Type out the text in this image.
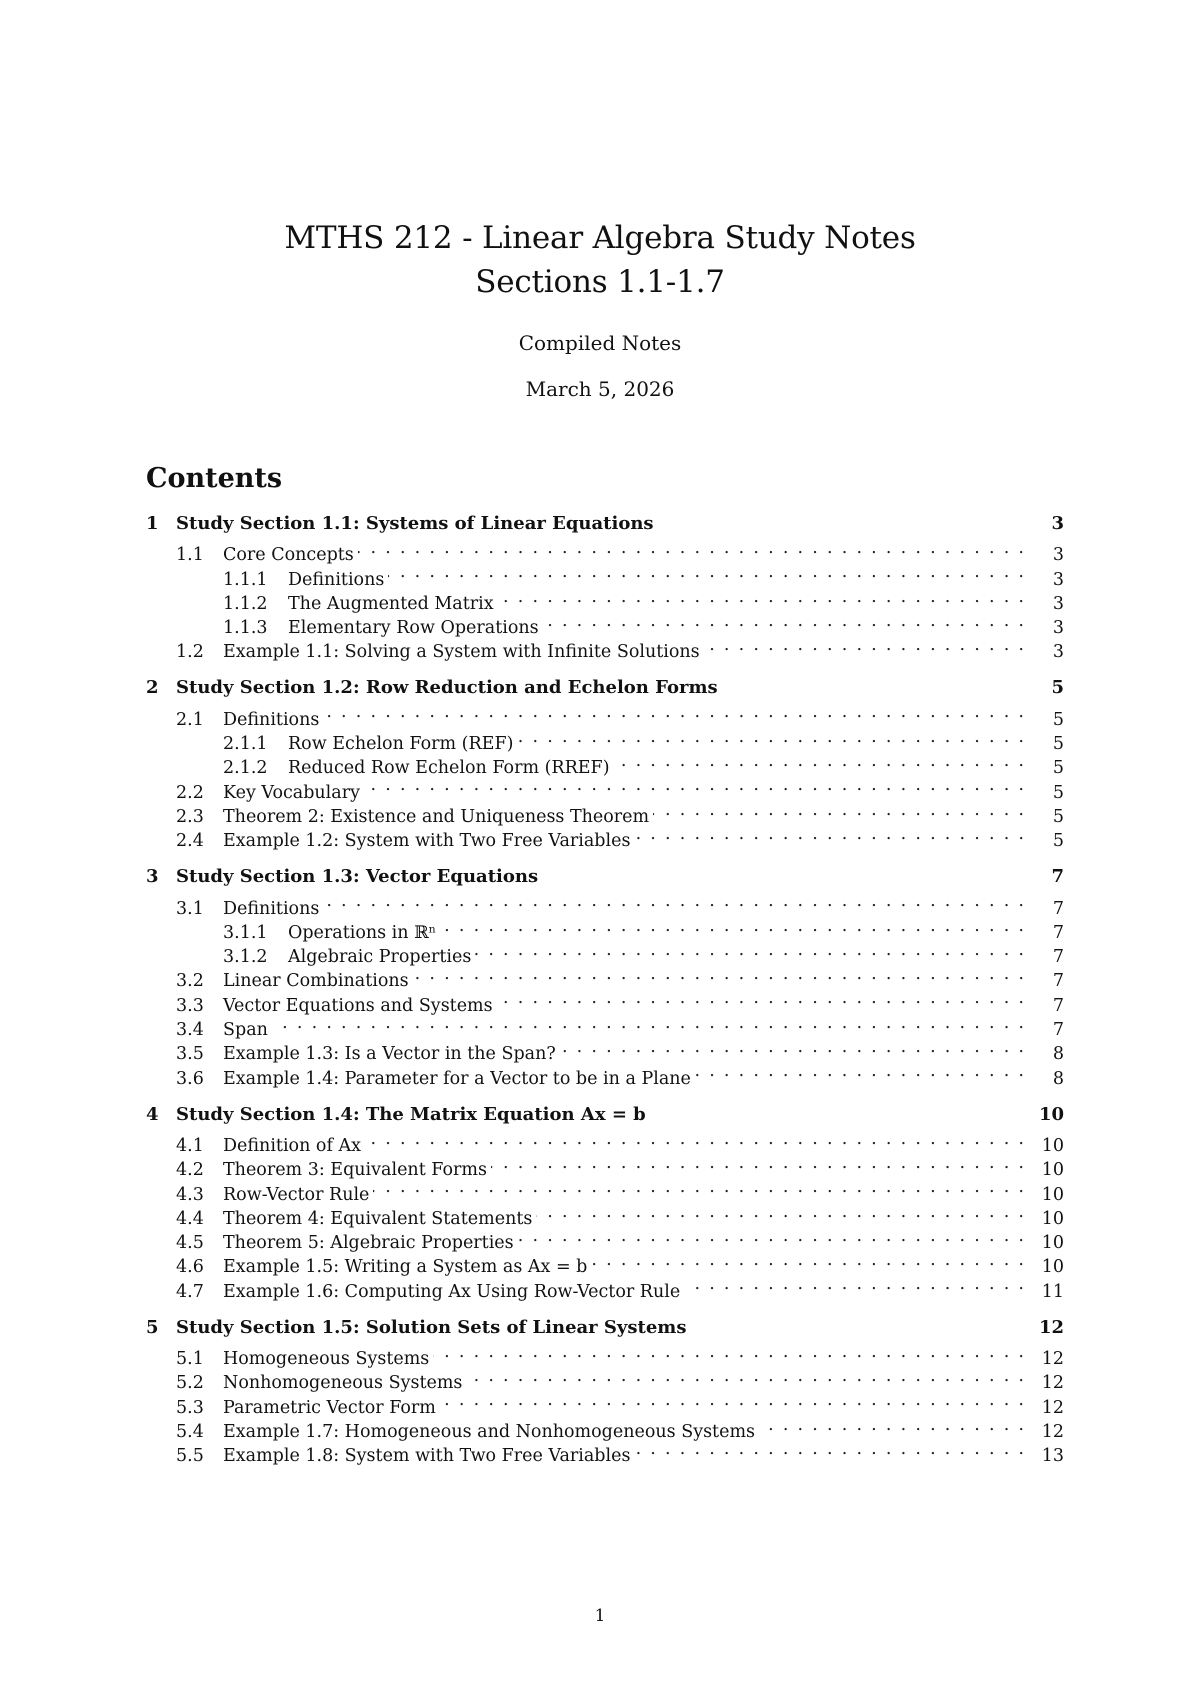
MTHS 212 - Linear Algebra Study Notes
Sections 1.1-1.7
Compiled Notes
March 5, 2026
Contents
1 Study Section 1.1: Systems of Linear Equations	3
1.1	Core Concepts . . .	3
1.1.1	Definitions . . .	3
1.1.2	The Augmented Matrix . . .	3
1.1.3	Elementary Row Operations . . .	3
1.2	Example 1.1: Solving a System with Infinite Solutions . . .	3
2 Study Section 1.2: Row Reduction and Echelon Forms	5
2.1	Definitions . . .	5
2.1.1	Row Echelon Form (REF) . . .	5
2.1.2	Reduced Row Echelon Form (RREF) . . .	5
2.2	Key Vocabulary . . .	5
2.3	Theorem 2: Existence and Uniqueness Theorem . . .	5
2.4	Example 1.2: System with Two Free Variables . . .	5
3 Study Section 1.3: Vector Equations	7
3.1	Definitions . . .	7
3.1.1	Operations in ℝⁿ . . .	7
3.1.2	Algebraic Properties . . .	7
3.2	Linear Combinations . . .	7
3.3	Vector Equations and Systems . . .	7
3.4	Span . . .	7
3.5	Example 1.3: Is a Vector in the Span? . . .	8
3.6	Example 1.4: Parameter for a Vector to be in a Plane . . .	8
4 Study Section 1.4: The Matrix Equation Ax = b	10
4.1	Definition of Ax . . .	10
4.2	Theorem 3: Equivalent Forms . . .	10
4.3	Row-Vector Rule . . .	10
4.4	Theorem 4: Equivalent Statements . . .	10
4.5	Theorem 5: Algebraic Properties . . .	10
4.6	Example 1.5: Writing a System as Ax = b . . .	10
4.7	Example 1.6: Computing Ax Using Row-Vector Rule . . .	11
5 Study Section 1.5: Solution Sets of Linear Systems	12
5.1	Homogeneous Systems . . .	12
5.2	Nonhomogeneous Systems . . .	12
5.3	Parametric Vector Form . . .	12
5.4	Example 1.7: Homogeneous and Nonhomogeneous Systems . . .	12
5.5	Example 1.8: System with Two Free Variables . . .	13
1
